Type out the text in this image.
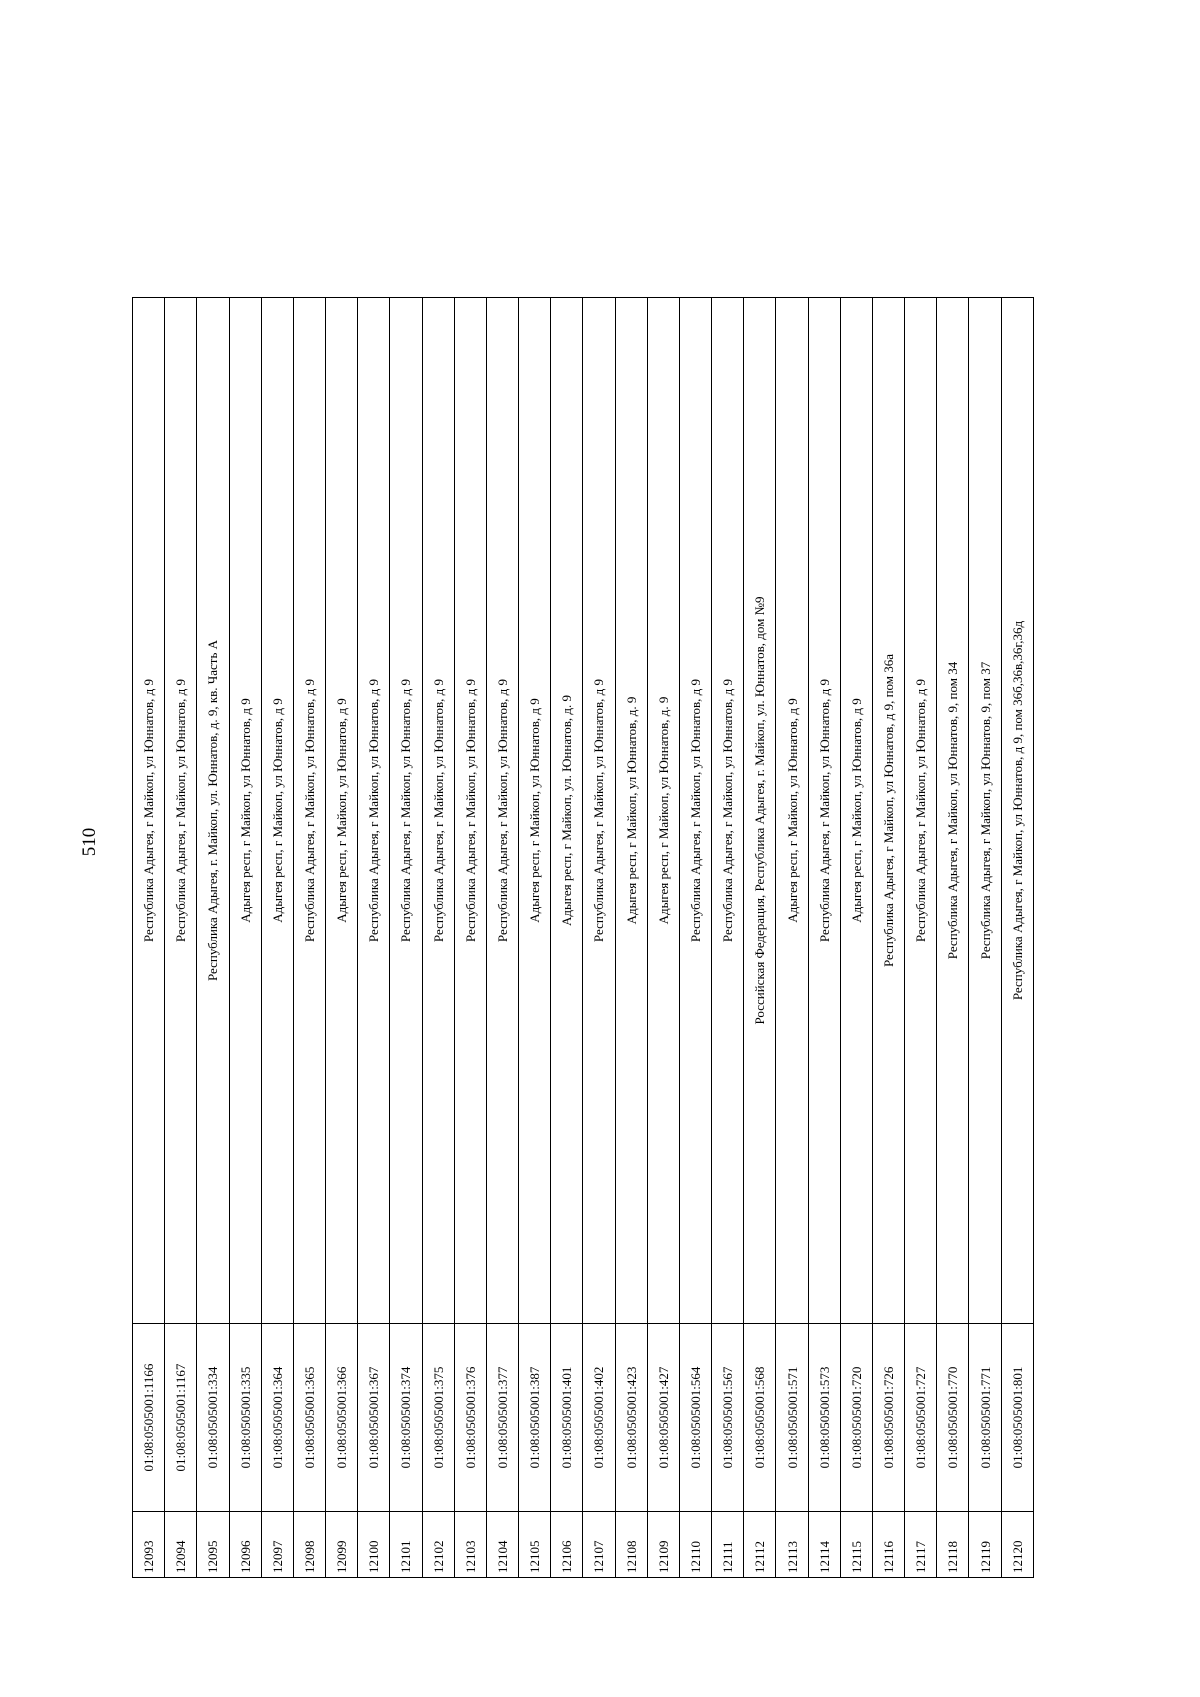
510
12093	01:08:0505001:1166	Республика Адыгея, г Майкоп, ул Юннатов, д 9
12094	01:08:0505001:1167	Республика Адыгея, г Майкоп, ул Юннатов, д 9
12095	01:08:0505001:334	Республика Адыгея, г. Майкоп, ул. Юннатов, д. 9, кв. Часть А
12096	01:08:0505001:335	Адыгея респ, г Майкоп, ул Юннатов, д 9
12097	01:08:0505001:364	Адыгея респ, г Майкоп, ул Юннатов, д 9
12098	01:08:0505001:365	Республика Адыгея, г Майкоп, ул Юннатов, д 9
12099	01:08:0505001:366	Адыгея респ, г Майкоп, ул Юннатов, д 9
12100	01:08:0505001:367	Республика Адыгея, г Майкоп, ул Юннатов, д 9
12101	01:08:0505001:374	Республика Адыгея, г Майкоп, ул Юннатов, д 9
12102	01:08:0505001:375	Республика Адыгея, г Майкоп, ул Юннатов, д 9
12103	01:08:0505001:376	Республика Адыгея, г Майкоп, ул Юннатов, д 9
12104	01:08:0505001:377	Республика Адыгея, г Майкоп, ул Юннатов, д 9
12105	01:08:0505001:387	Адыгея респ, г Майкоп, ул Юннатов, д 9
12106	01:08:0505001:401	Адыгея респ, г Майкоп, ул. Юннатов, д. 9
12107	01:08:0505001:402	Республика Адыгея, г Майкоп, ул Юннатов, д 9
12108	01:08:0505001:423	Адыгея респ, г Майкоп, ул Юннатов, д. 9
12109	01:08:0505001:427	Адыгея респ, г Майкоп, ул Юннатов, д. 9
12110	01:08:0505001:564	Республика Адыгея, г Майкоп, ул Юннатов, д 9
12111	01:08:0505001:567	Республика Адыгея, г Майкоп, ул Юннатов, д 9
12112	01:08:0505001:568	Российская Федерация, Республика Адыгея, г. Майкоп, ул. Юннатов, дом №9
12113	01:08:0505001:571	Адыгея респ, г Майкоп, ул Юннатов, д 9
12114	01:08:0505001:573	Республика Адыгея, г Майкоп, ул Юннатов, д 9
12115	01:08:0505001:720	Адыгея респ, г Майкоп, ул Юннатов, д 9
12116	01:08:0505001:726	Республика Адыгея, г Майкоп, ул Юннатов, д 9, пом 36а
12117	01:08:0505001:727	Республика Адыгея, г Майкоп, ул Юннатов, д 9
12118	01:08:0505001:770	Республика Адыгея, г Майкоп, ул Юннатов, 9, пом 34
12119	01:08:0505001:771	Республика Адыгея, г Майкоп, ул Юннатов, 9, пом 37
12120	01:08:0505001:801	Республика Адыгея, г Майкоп, ул Юннатов, д 9, пом 36б,36в,36г,36д
